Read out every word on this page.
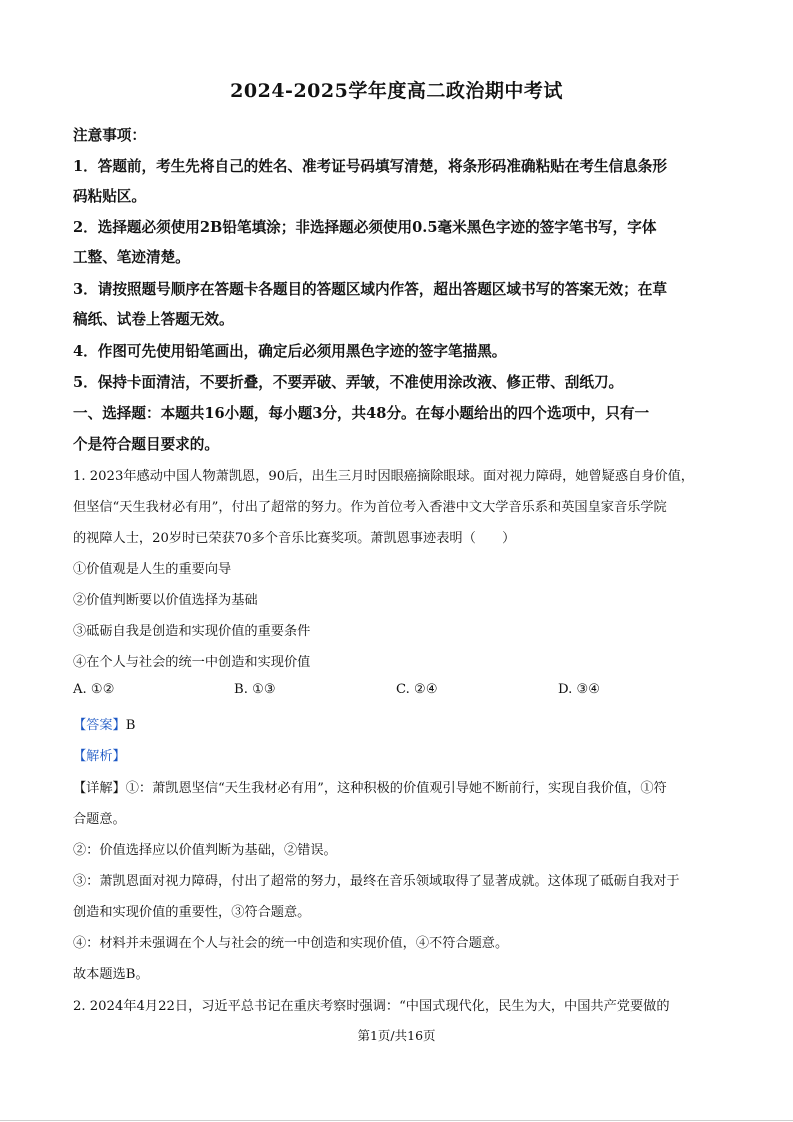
2024-2025学年度高二政治期中考试
注意事项：
1．答题前，考生先将自己的姓名、准考证号码填写清楚，将条形码准确粘贴在考生信息条形
码粘贴区。
2．选择题必须使用2B铅笔填涂；非选择题必须使用0.5毫米黑色字迹的签字笔书写，字体
工整、笔迹清楚。
3．请按照题号顺序在答题卡各题目的答题区域内作答，超出答题区域书写的答案无效；在草
稿纸、试卷上答题无效。
4．作图可先使用铅笔画出，确定后必须用黑色字迹的签字笔描黑。
5．保持卡面清洁，不要折叠，不要弄破、弄皱，不准使用涂改液、修正带、刮纸刀。
一、选择题：本题共16小题，每小题3分，共48分。在每小题给出的四个选项中，只有一
个是符合题目要求的。
1. 2023年感动中国人物萧凯恩，90后，出生三月时因眼癌摘除眼球。面对视力障碍，她曾疑惑自身价值，
但坚信“天生我材必有用”，付出了超常的努力。作为首位考入香港中文大学音乐系和英国皇家音乐学院
的视障人士，20岁时已荣获70多个音乐比赛奖项。萧凯恩事迹表明（　　）
①价值观是人生的重要向导
②价值判断要以价值选择为基础
③砥砺自我是创造和实现价值的重要条件
④在个人与社会的统一中创造和实现价值
A. ①②	B. ①③	C. ②④	D. ③④
【答案】B
【解析】
【详解】①：萧凯恩坚信“天生我材必有用”，这种积极的价值观引导她不断前行，实现自我价值，①符
合题意。
②：价值选择应以价值判断为基础，②错误。
③：萧凯恩面对视力障碍，付出了超常的努力，最终在音乐领域取得了显著成就。这体现了砥砺自我对于
创造和实现价值的重要性，③符合题意。
④：材料并未强调在个人与社会的统一中创造和实现价值，④不符合题意。
故本题选B。
2. 2024年4月22日，习近平总书记在重庆考察时强调：“中国式现代化，民生为大，中国共产党要做的
第1页/共16页
